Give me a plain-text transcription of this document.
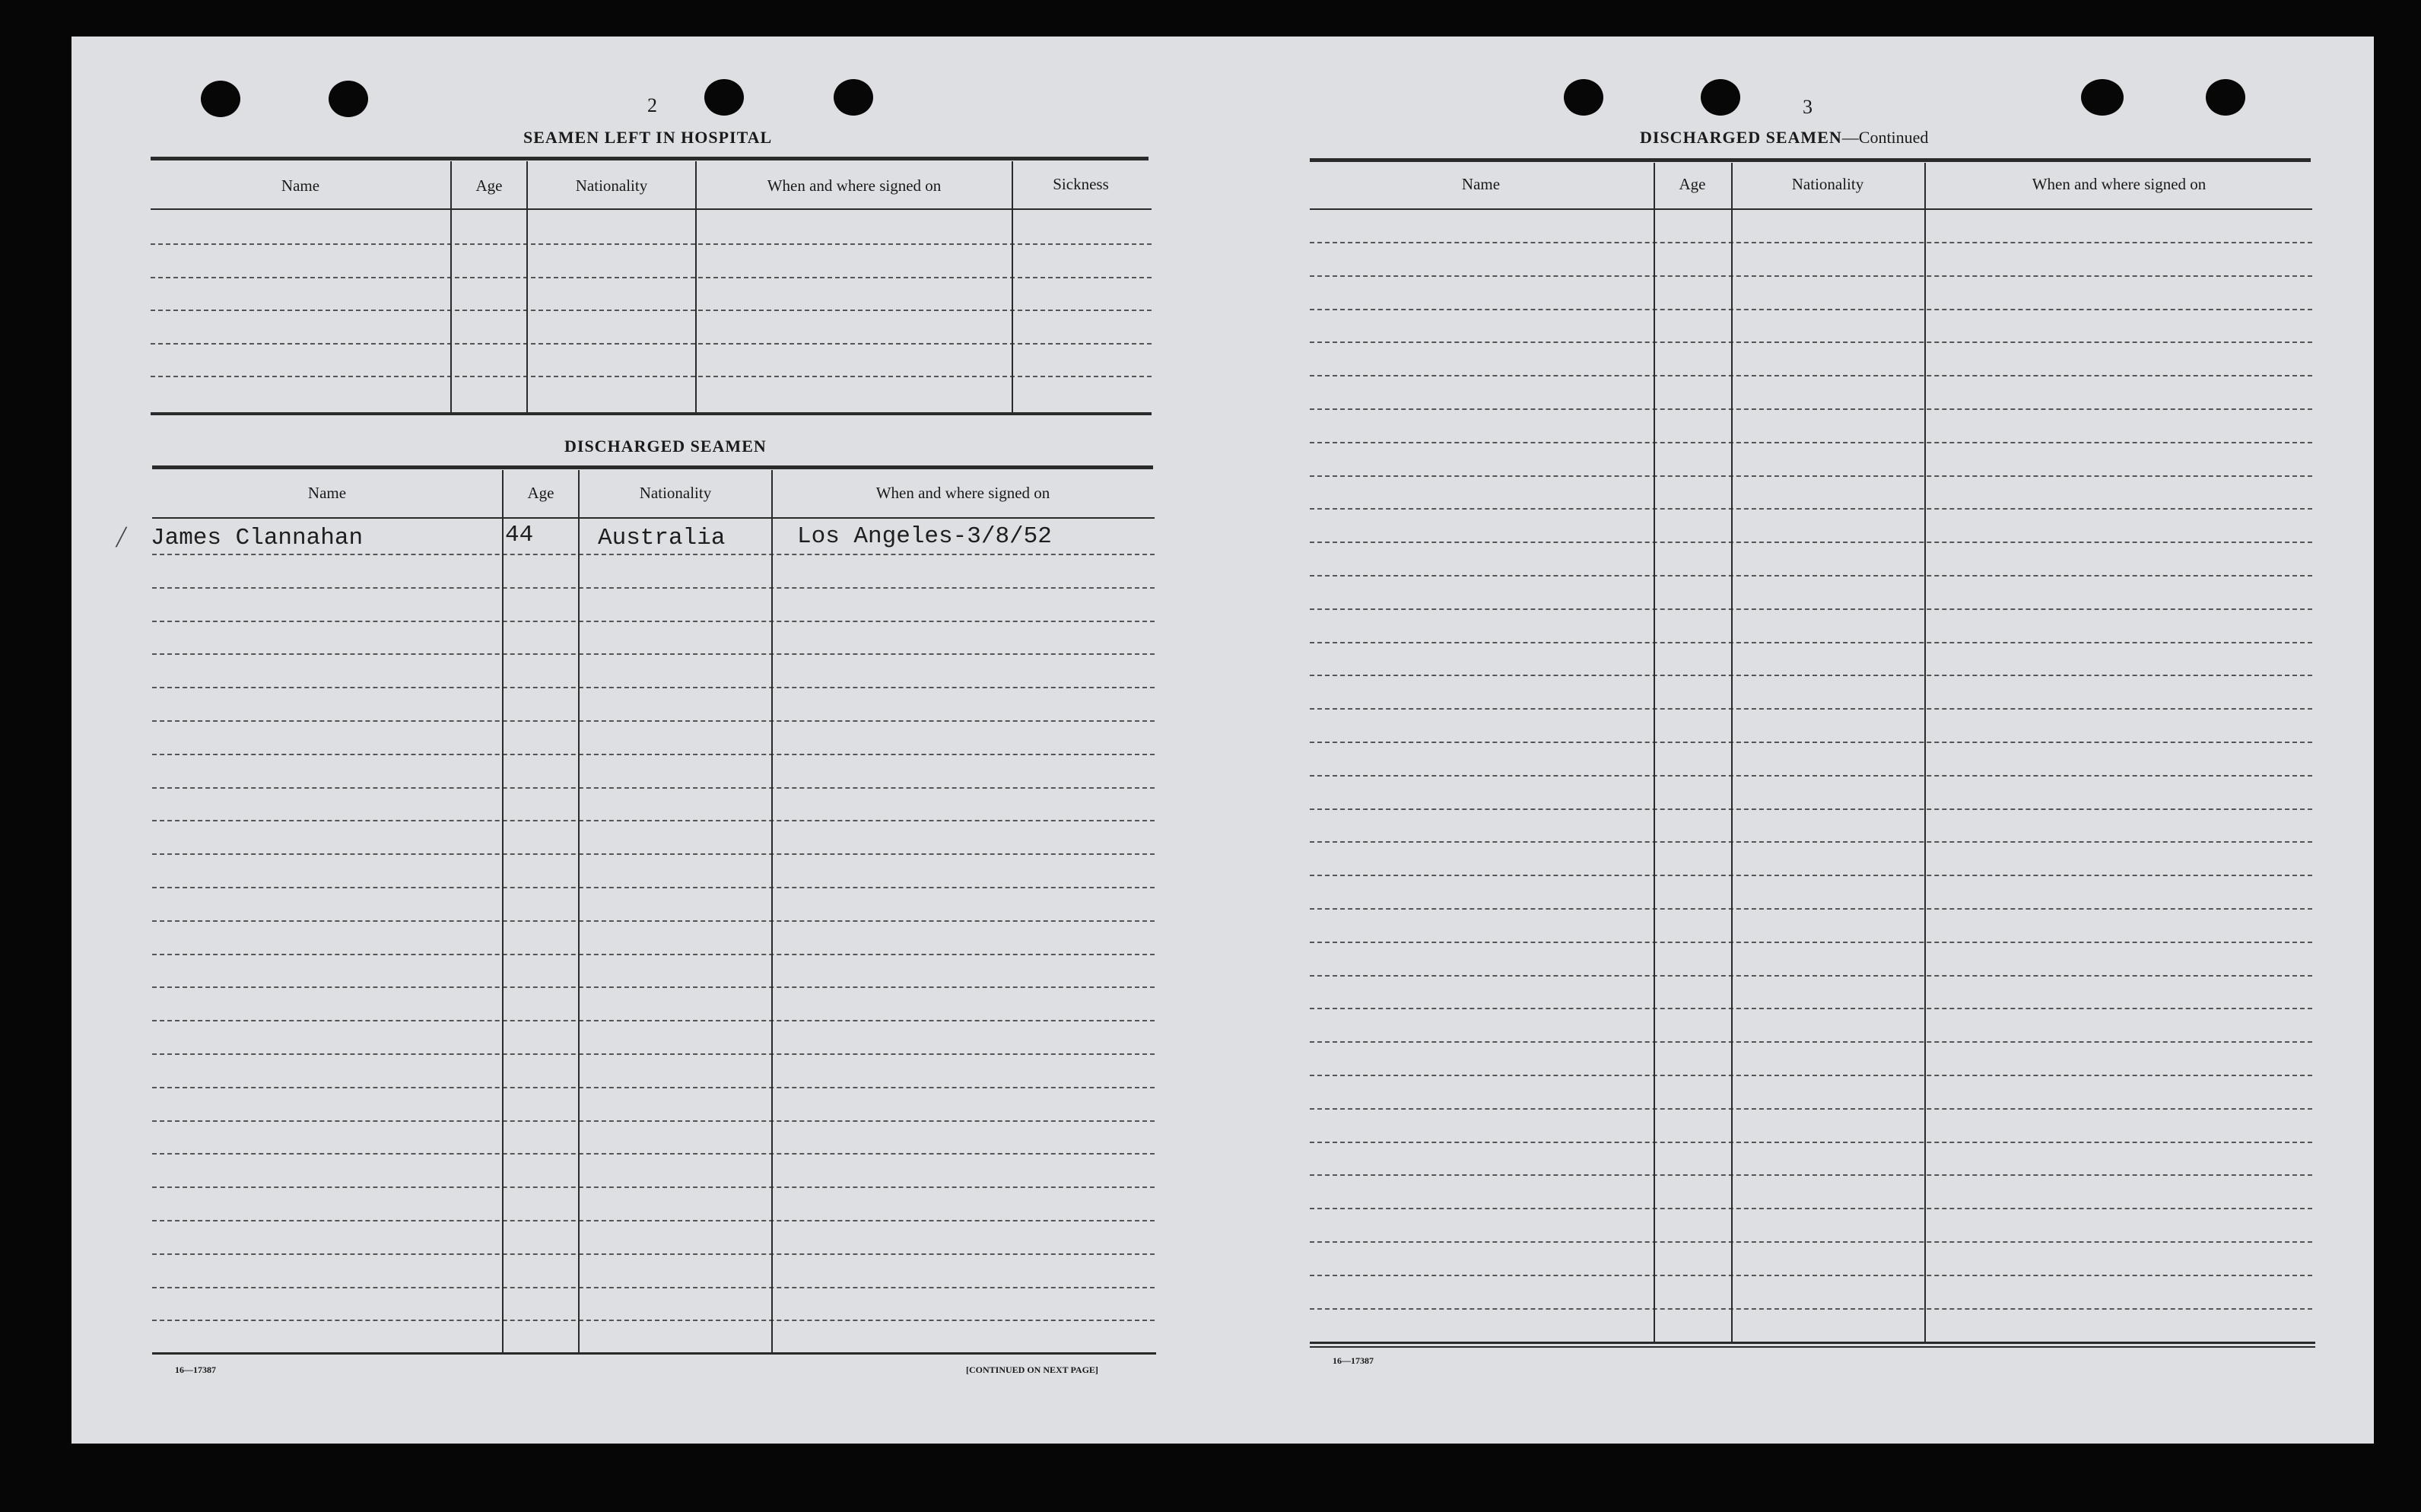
2
SEAMEN LEFT IN HOSPITAL
Name	Age	Nationality	When and where signed on	Sickness
DISCHARGED SEAMEN
Name	Age	Nationality	When and where signed on
/ James Clannahan	44	Australia	Los Angeles-3/8/52
16—17387	[CONTINUED ON NEXT PAGE]
3
DISCHARGED SEAMEN—Continued
Name	Age	Nationality	When and where signed on
16—17387
